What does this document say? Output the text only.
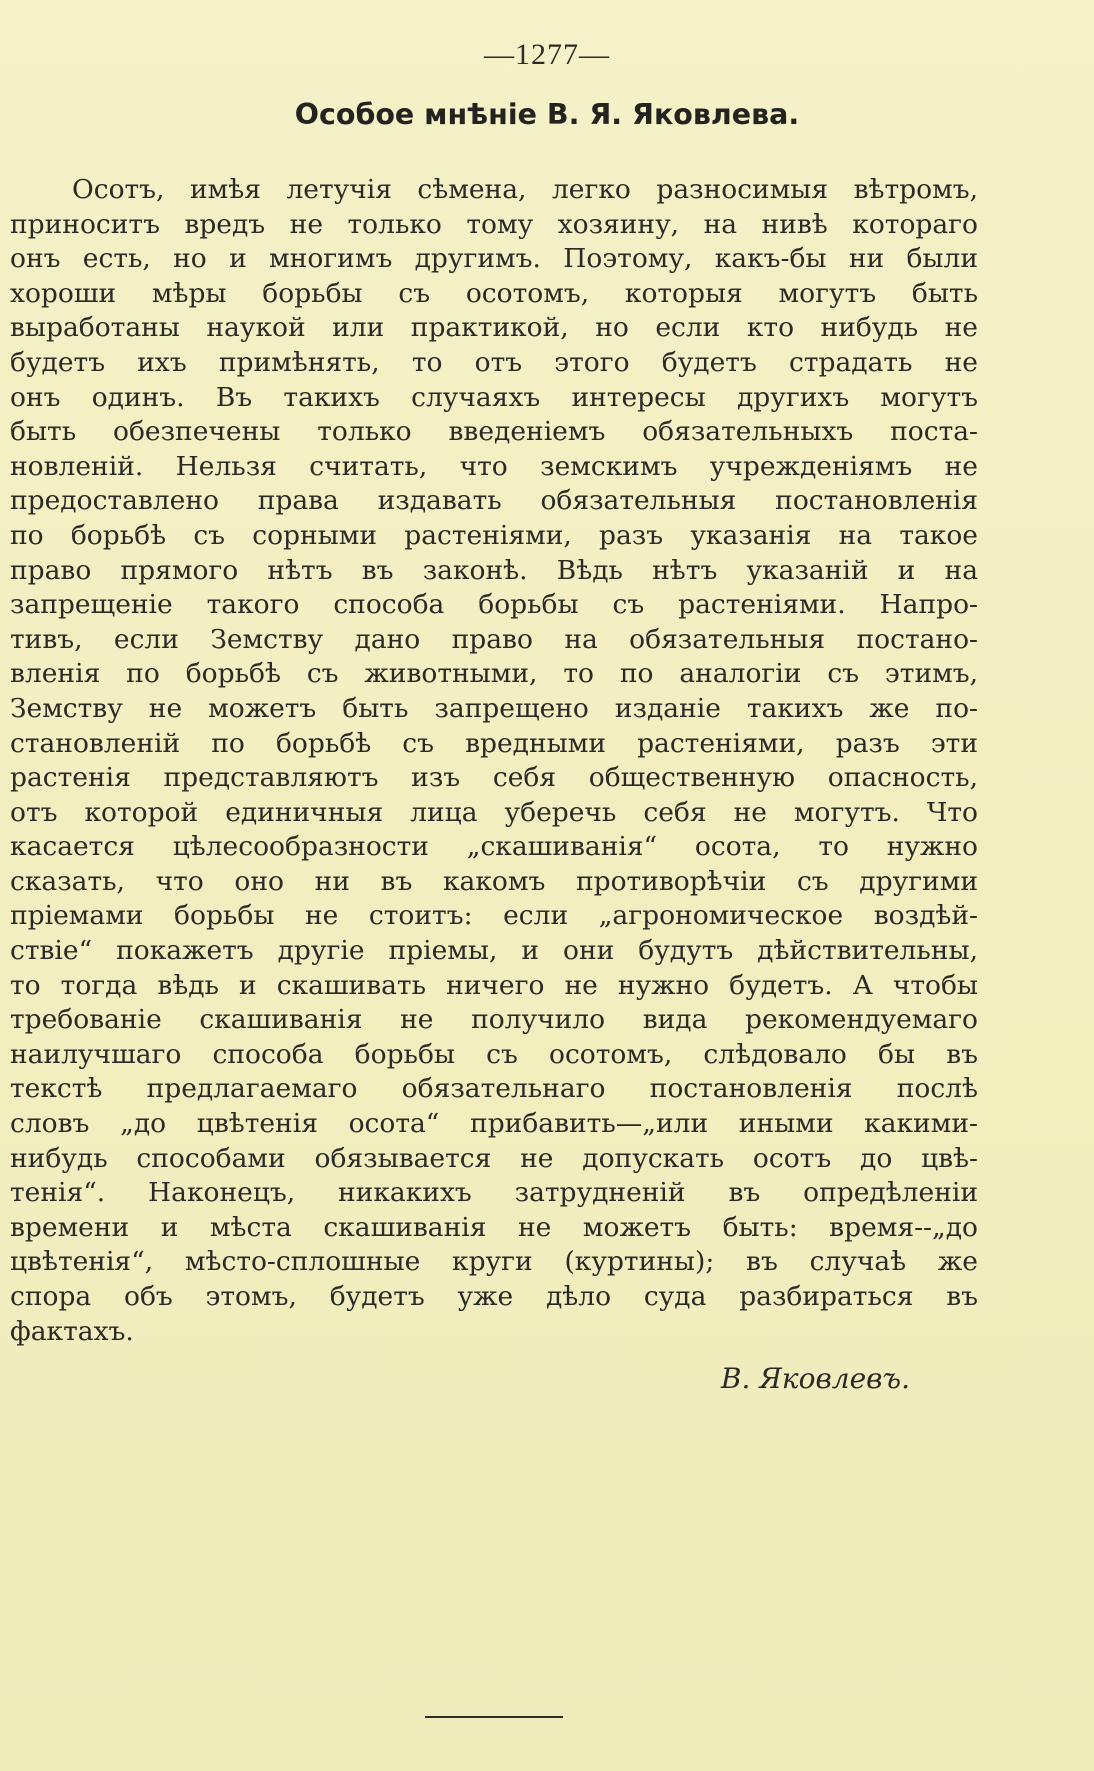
—1277—
Особое мнѣніе В. Я. Яковлева.
Осотъ, имѣя летучія сѣмена, легко разносимыя вѣтромъ,
приноситъ вредъ не только тому хозяину, на нивѣ котораго
онъ есть, но и многимъ другимъ. Поэтому, какъ-бы ни были
хороши мѣры борьбы съ осотомъ, которыя могутъ быть
выработаны наукой или практикой, но если кто нибудь не
будетъ ихъ примѣнять, то отъ этого будетъ страдать не
онъ одинъ. Въ такихъ случаяхъ интересы другихъ могутъ
быть обезпечены только введеніемъ обязательныхъ поста-
новленій. Нельзя считать, что земскимъ учрежденіямъ не
предоставлено права издавать обязательныя постановленія
по борьбѣ съ сорными растеніями, разъ указанія на такое
право прямого нѣтъ въ законѣ. Вѣдь нѣтъ указаній и на
запрещеніе такого способа борьбы съ растеніями. Напро-
тивъ, если Земству дано право на обязательныя постано-
вленія по борьбѣ съ животными, то по аналогіи съ этимъ,
Земству не можетъ быть запрещено изданіе такихъ же по-
становленій по борьбѣ съ вредными растеніями, разъ эти
растенія представляютъ изъ себя общественную опасность,
отъ которой единичныя лица уберечь себя не могутъ. Что
касается цѣлесообразности „скашиванія“ осота, то нужно
сказать, что оно ни въ какомъ противорѣчіи съ другими
пріемами борьбы не стоитъ: если „агрономическое воздѣй-
ствіе“ покажетъ другіе пріемы, и они будутъ дѣйствительны,
то тогда вѣдь и скашивать ничего не нужно будетъ. А чтобы
требованіе скашиванія не получило вида рекомендуемаго
наилучшаго способа борьбы съ осотомъ, слѣдовало бы въ
текстѣ предлагаемаго обязательнаго постановленія послѣ
словъ „до цвѣтенія осота“ прибавить—„или иными какими-
нибудь способами обязывается не допускать осотъ до цвѣ-
тенія“. Наконецъ, никакихъ затрудненій въ опредѣленіи
времени и мѣста скашиванія не можетъ быть: время--„до
цвѣтенія“, мѣсто-сплошные круги (куртины); въ случаѣ же
спора объ этомъ, будетъ уже дѣло суда разбираться въ
фактахъ.
В. Яковлевъ.
